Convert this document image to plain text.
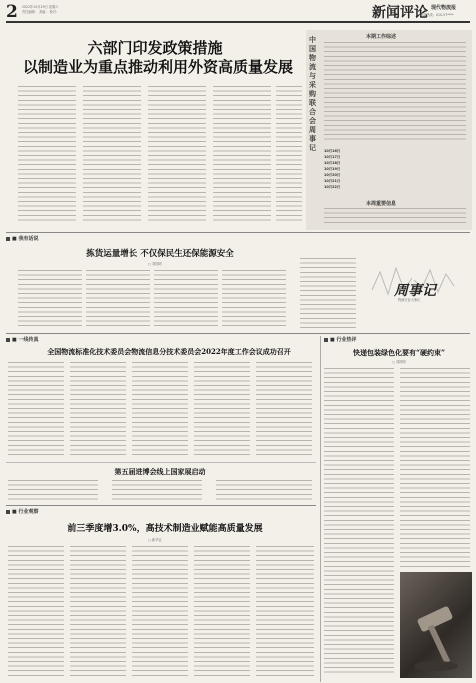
2 2022年10月29日 星期六
责任编辑： 美编： 校对：	新闻评论 现代物流报
新闻热线：010-57****
六部门印发政策措施
以制造业为重点推动利用外资高质量发展
中国物流与采购联合会周事记
本期工作综述
10月16日
10月17日
10月18日
10月19日
10月20日
10月21日
10月22日
本周重要信息
■ 我有话说
拣货运量增长 不仅保民生还保能源安全
□ 刘国明
周事记
物流行业大事记
■ 一线传真
全国物流标准化技术委员会物流信息分技术委员会2022年度工作会议成功召开
■ 行业热评
快递包装绿色化要有“硬约束”
□ 刘国明
第五届进博会线上国家展启动
■ 行业观察
前三季度增3.0%，高技术制造业赋能高质量发展
□ 新华社
